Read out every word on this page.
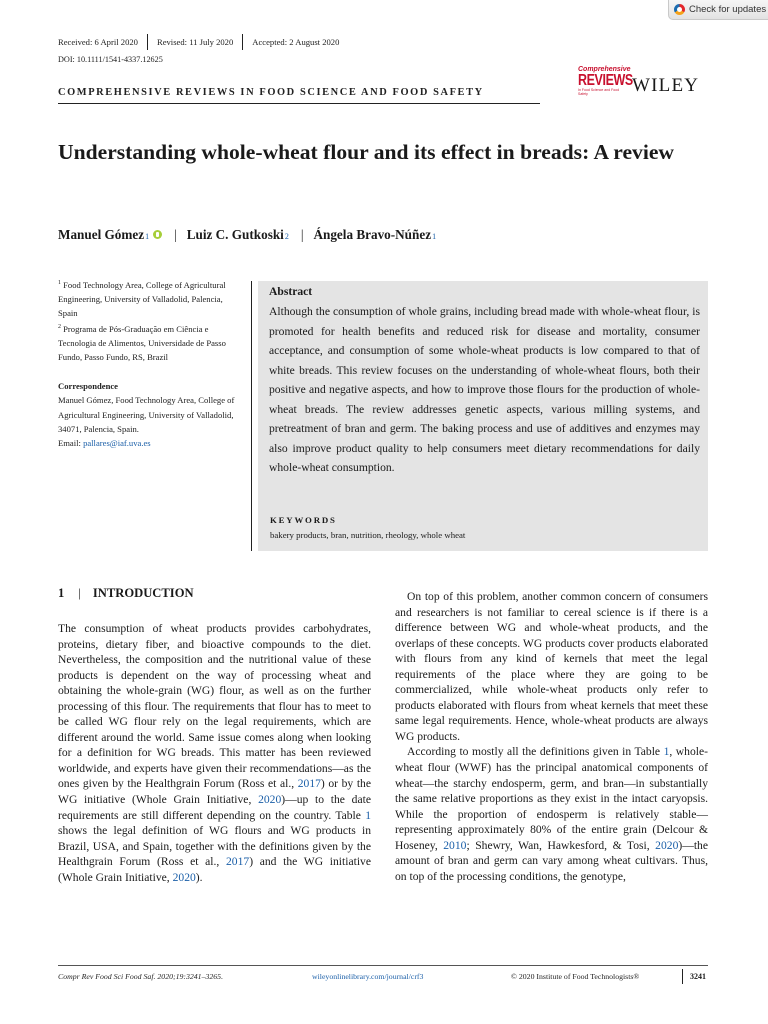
Check for updates
Received: 6 April 2020 Revised: 11 July 2020 Accepted: 2 August 2020
DOI: 10.1111/1541-4337.12625
COMPREHENSIVE REVIEWS IN FOOD SCIENCE AND FOOD SAFETY
Comprehensive
REVIEWS
In Food Science and Food Safety	WILEY
Understanding whole-wheat flour and its effect in breads: A review
Manuel Gómez 1 | Luiz C. Gutkoski 2 | Ángela Bravo-Núñez 1
$^1$ Food Technology Area, College of Agricultural Engineering, University of Valladolid, Palencia, Spain
$^2$ Programa de Pós-Graduação em Ciência e Tecnologia de Alimentos, Universidade de Passo Fundo, Passo Fundo, RS, Brazil
Correspondence
Manuel Gómez, Food Technology Area, College of Agricultural Engineering, University of Valladolid, 34071, Palencia, Spain.
Email: pallares@iaf.uva.es
Abstract
Although the consumption of whole grains, including bread made with whole-wheat flour, is promoted for health benefits and reduced risk for disease and mortality, consumer acceptance, and consumption of some whole-wheat products is low compared to that of white breads. This review focuses on the understanding of whole-wheat flours, both their positive and negative aspects, and how to improve those flours for the production of whole-wheat breads. The review addresses genetic aspects, various milling systems, and pretreatment of bran and germ. The baking process and use of additives and enzymes may also improve product quality to help consumers meet dietary recommendations for daily whole-wheat consumption.
KEYWORDS
bakery products, bran, nutrition, rheology, whole wheat
1 | INTRODUCTION

The consumption of wheat products provides carbohydrates, proteins, dietary fiber, and bioactive compounds to the diet. Nevertheless, the composition and the nutritional value of these products is dependent on the way of processing wheat and obtaining the whole-grain (WG) flour, as well as on the further processing of this flour. The requirements that flour has to meet to be called WG flour rely on the legal requirements, which are different around the world. Same issue comes along when looking for a definition for WG breads. This matter has been reviewed worldwide, and experts have given their recommendations—as the ones given by the Healthgrain Forum (Ross et al., 2017) or by the WG initiative (Whole Grain Initiative, 2020)—up to the date requirements are still different depending on the country. Table 1 shows the legal definition of WG flours and WG products in Brazil, USA, and Spain, together with the definitions given by the Healthgrain Forum (Ross et al., 2017) and the WG initiative (Whole Grain Initiative, 2020).

On top of this problem, another common concern of consumers and researchers is not familiar to cereal science is if there is a difference between WG and whole-wheat products, and the overlaps of these concepts. WG products cover products elaborated with flours from any kind of kernels that meet the legal requirements of the place where they are going to be commercialized, while whole-wheat products only refer to products elaborated with flours from wheat kernels that meet these same legal requirements. Hence, whole-wheat products are always WG products.

According to mostly all the definitions given in Table 1, whole-wheat flour (WWF) has the principal anatomical components of wheat—the starchy endosperm, germ, and bran—in substantially the same relative proportions as they exist in the intact caryopsis. While the proportion of endosperm is relatively stable—representing approximately 80% of the entire grain (Delcour & Hoseney, 2010; Shewry, Wan, Hawkesford, & Tosi, 2020)—the amount of bran and germ can vary among wheat cultivars. Thus, on top of the processing conditions, the genotype,

Compr Rev Food Sci Food Saf. 2020;19:3241–3265.	wileyonlinelibrary.com/journal/crf3	© 2020 Institute of Food Technologists®	3241
